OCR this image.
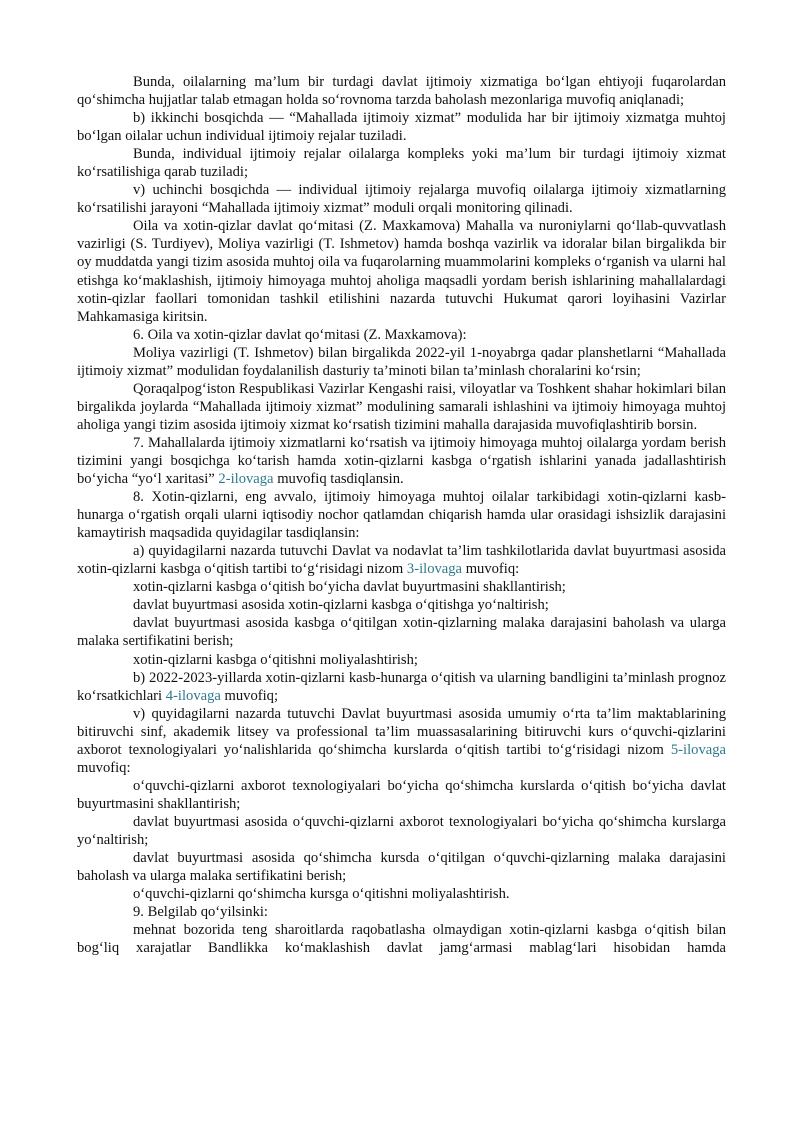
Bunda, oilalarning ma’lum bir turdagi davlat ijtimoiy xizmatiga bo‘lgan ehtiyoji fuqarolardan qo‘shimcha hujjatlar talab etmagan holda so‘rovnoma tarzda baholash mezonlariga muvofiq aniqlanadi;

b) ikkinchi bosqichda — “Mahallada ijtimoiy xizmat” modulida har bir ijtimoiy xizmatga muhtoj bo‘lgan oilalar uchun individual ijtimoiy rejalar tuziladi.

Bunda, individual ijtimoiy rejalar oilalarga kompleks yoki ma’lum bir turdagi ijtimoiy xizmat ko‘rsatilishiga qarab tuziladi;

v) uchinchi bosqichda — individual ijtimoiy rejalarga muvofiq oilalarga ijtimoiy xizmatlarning ko‘rsatilishi jarayoni “Mahallada ijtimoiy xizmat” moduli orqali monitoring qilinadi.

Oila va xotin-qizlar davlat qo‘mitasi (Z. Maxkamova) Mahalla va nuroniylarni qo‘llab-quvvatlash vazirligi (S. Turdiyev), Moliya vazirligi (T. Ishmetov) hamda boshqa vazirlik va idoralar bilan birgalikda bir oy muddatda yangi tizim asosida muhtoj oila va fuqarolarning muammolarini kompleks o‘rganish va ularni hal etishga ko‘maklashish, ijtimoiy himoyaga muhtoj aholiga maqsadli yordam berish ishlarining mahallalardagi xotin-qizlar faollari tomonidan tashkil etilishini nazarda tutuvchi Hukumat qarori loyihasini Vazirlar Mahkamasiga kiritsin.

6. Oila va xotin-qizlar davlat qo‘mitasi (Z. Maxkamova):

Moliya vazirligi (T. Ishmetov) bilan birgalikda 2022-yil 1-noyabrga qadar planshetlarni “Mahallada ijtimoiy xizmat” modulidan foydalanilish dasturiy ta’minoti bilan ta’minlash choralarini ko‘rsin;

Qoraqalpog‘iston Respublikasi Vazirlar Kengashi raisi, viloyatlar va Toshkent shahar hokimlari bilan birgalikda joylarda “Mahallada ijtimoiy xizmat” modulining samarali ishlashini va ijtimoiy himoyaga muhtoj aholiga yangi tizim asosida ijtimoiy xizmat ko‘rsatish tizimini mahalla darajasida muvofiqlashtirib borsin.

7. Mahallalarda ijtimoiy xizmatlarni ko‘rsatish va ijtimoiy himoyaga muhtoj oilalarga yordam berish tizimini yangi bosqichga ko‘tarish hamda xotin-qizlarni kasbga o‘rgatish ishlarini yanada jadallashtirish bo‘yicha “yo‘l xaritasi” 2-ilovaga muvofiq tasdiqlansin.

8. Xotin-qizlarni, eng avvalo, ijtimoiy himoyaga muhtoj oilalar tarkibidagi xotin-qizlarni kasb-hunarga o‘rgatish orqali ularni iqtisodiy nochor qatlamdan chiqarish hamda ular orasidagi ishsizlik darajasini kamaytirish maqsadida quyidagilar tasdiqlansin:

a) quyidagilarni nazarda tutuvchi Davlat va nodavlat ta’lim tashkilotlarida davlat buyurtmasi asosida xotin-qizlarni kasbga o‘qitish tartibi to‘g‘risidagi nizom 3-ilovaga muvofiq:

xotin-qizlarni kasbga o‘qitish bo‘yicha davlat buyurtmasini shakllantirish;

davlat buyurtmasi asosida xotin-qizlarni kasbga o‘qitishga yo‘naltirish;

davlat buyurtmasi asosida kasbga o‘qitilgan xotin-qizlarning malaka darajasini baholash va ularga malaka sertifikatini berish;

xotin-qizlarni kasbga o‘qitishni moliyalashtirish;

b) 2022-2023-yillarda xotin-qizlarni kasb-hunarga o‘qitish va ularning bandligini ta’minlash prognoz ko‘rsatkichlari 4-ilovaga muvofiq;

v) quyidagilarni nazarda tutuvchi Davlat buyurtmasi asosida umumiy o‘rta ta’lim maktablarining bitiruvchi sinf, akademik litsey va professional ta’lim muassasalarining bitiruvchi kurs o‘quvchi-qizlarini axborot texnologiyalari yo‘nalishlarida qo‘shimcha kurslarda o‘qitish tartibi to‘g‘risidagi nizom 5-ilovaga muvofiq:

o‘quvchi-qizlarni axborot texnologiyalari bo‘yicha qo‘shimcha kurslarda o‘qitish bo‘yicha davlat buyurtmasini shakllantirish;

davlat buyurtmasi asosida o‘quvchi-qizlarni axborot texnologiyalari bo‘yicha qo‘shimcha kurslarga yo‘naltirish;

davlat buyurtmasi asosida qo‘shimcha kursda o‘qitilgan o‘quvchi-qizlarning malaka darajasini baholash va ularga malaka sertifikatini berish;

o‘quvchi-qizlarni qo‘shimcha kursga o‘qitishni moliyalashtirish.

9. Belgilab qo‘yilsinki:

mehnat bozorida teng sharoitlarda raqobatlasha olmaydigan xotin-qizlarni kasbga o‘qitish bilan bog‘liq xarajatlar Bandlikka ko‘maklashish davlat jamg‘armasi mablag‘lari hisobidan hamda
